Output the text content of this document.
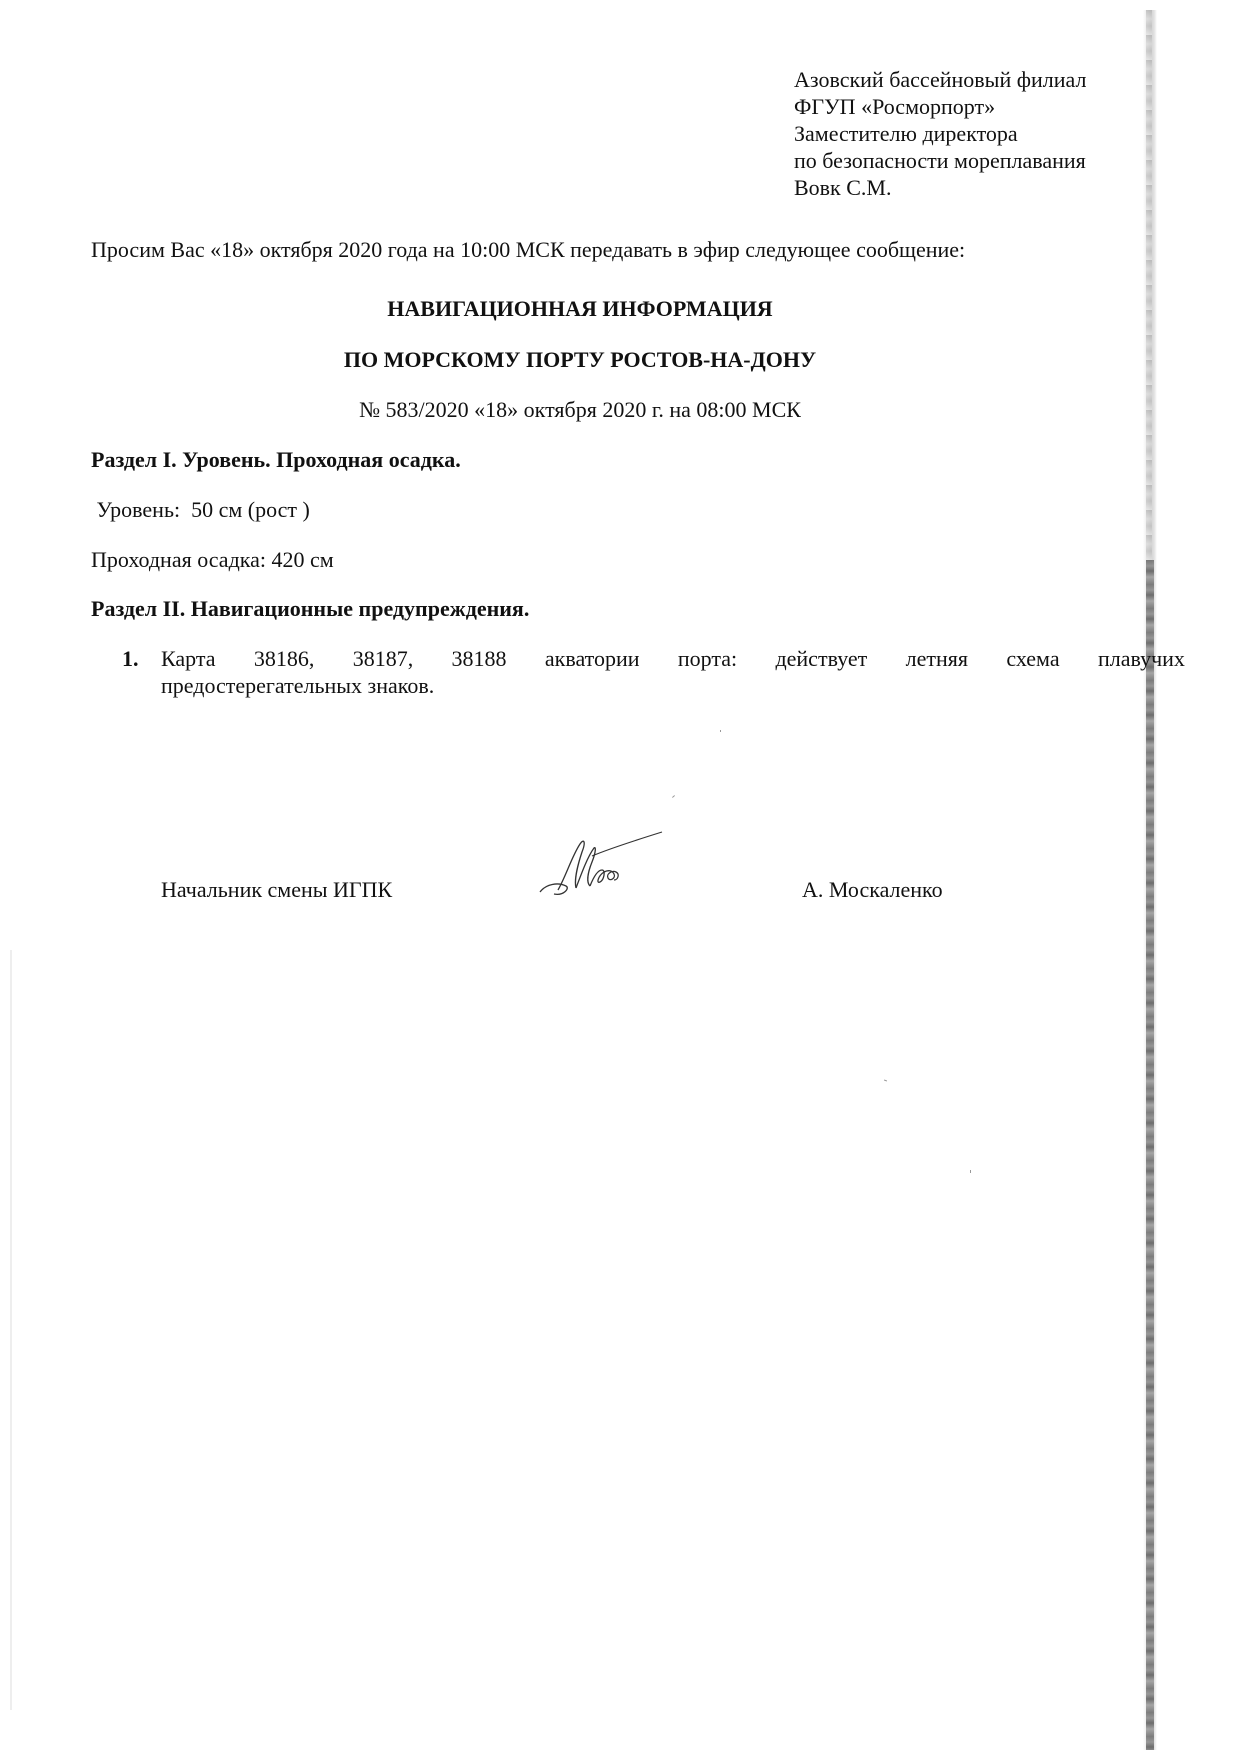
Азовский бассейновый филиал
ФГУП «Росморпорт»
Заместителю директора
по безопасности мореплавания
Вовк С.М.
Просим Вас «18» октября 2020 года на 10:00 МСК передавать в эфир следующее сообщение:
НАВИГАЦИОННАЯ ИНФОРМАЦИЯ
ПО МОРСКОМУ ПОРТУ РОСТОВ-НА-ДОНУ
№ 583/2020 «18» октября 2020 г. на 08:00 МСК
Раздел I. Уровень. Проходная осадка.
Уровень:  50 см (рост )
Проходная осадка: 420 см
Раздел II. Навигационные предупреждения.
1. Карта 38186, 38187, 38188 акватории порта: действует летняя схема плавучих
предостерегательных знаков.
Начальник смены ИГПК	А. Москаленко
